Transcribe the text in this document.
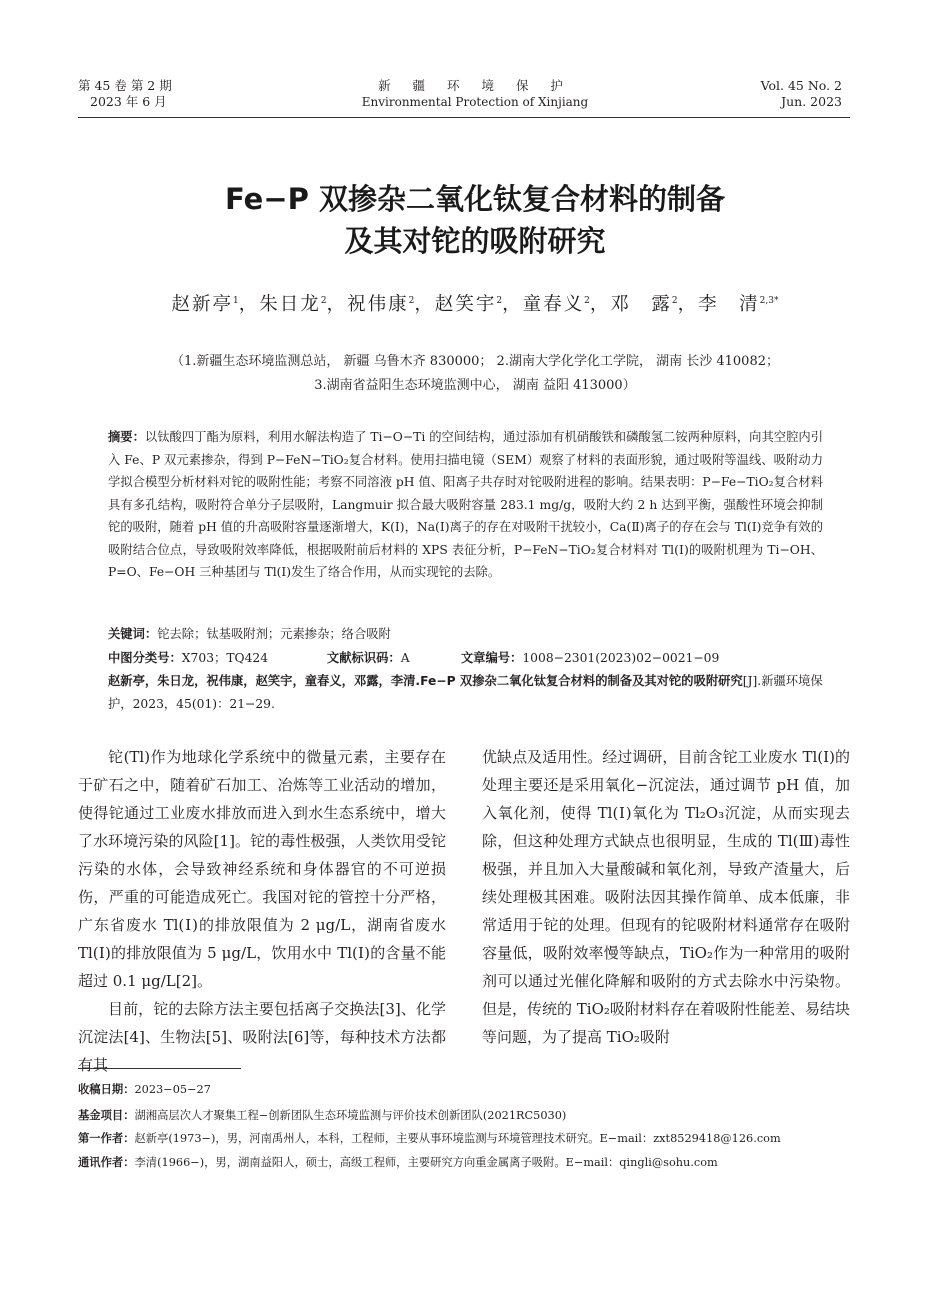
第 45 卷 第 2 期
2023 年 6 月
新 疆 环 境 保 护
Environmental Protection of Xinjiang
Vol. 45 No. 2
Jun. 2023
Fe−P 双掺杂二氧化钛复合材料的制备
及其对铊的吸附研究
赵新亭$^1$，朱日龙$^2$，祝伟康$^2$，赵笑宇$^2$，童春义$^2$，邓　露$^2$，李　清$^{2,3*}$
（1.新疆生态环境监测总站， 新疆 乌鲁木齐 830000； 2.湖南大学化学化工学院， 湖南 长沙 410082；
3.湖南省益阳生态环境监测中心， 湖南 益阳 413000）
摘要：以钛酸四丁酯为原料，利用水解法构造了 Ti−O−Ti 的空间结构，通过添加有机硝酸铁和磷酸氢二铵两种原料，向其空腔内引入 Fe、P 双元素掺杂，得到 P−FeN−TiO₂复合材料。使用扫描电镜（SEM）观察了材料的表面形貌，通过吸附等温线、吸附动力学拟合模型分析材料对铊的吸附性能；考察不同溶液 pH 值、阳离子共存时对铊吸附进程的影响。结果表明：P−Fe−TiO₂复合材料具有多孔结构，吸附符合单分子层吸附，Langmuir 拟合最大吸附容量 283.1 mg/g，吸附大约 2 h 达到平衡，强酸性环境会抑制铊的吸附，随着 pH 值的升高吸附容量逐渐增大，K(Ⅰ)，Na(Ⅰ)离子的存在对吸附干扰较小，Ca(Ⅱ)离子的存在会与 Tl(Ⅰ)竞争有效的吸附结合位点，导致吸附效率降低，根据吸附前后材料的 XPS 表征分析，P−FeN−TiO₂复合材料对 Tl(Ⅰ)的吸附机理为 Ti−OH、P=O、Fe−OH 三种基团与 Tl(Ⅰ)发生了络合作用，从而实现铊的去除。
关键词：铊去除；钛基吸附剂；元素掺杂；络合吸附
中图分类号：X703；TQ424	文献标识码：A	文章编号：1008−2301(2023)02−0021−09
赵新亭，朱日龙，祝伟康，赵笑宇，童春义，邓露，李清.Fe−P 双掺杂二氧化钛复合材料的制备及其对铊的吸附研究[J].新疆环境保护，2023，45(01)：21−29.

铊(Tl)作为地球化学系统中的微量元素，主要存在于矿石之中，随着矿石加工、冶炼等工业活动的增加，使得铊通过工业废水排放而进入到水生态系统中，增大了水环境污染的风险[1]。铊的毒性极强，人类饮用受铊污染的水体，会导致神经系统和身体器官的不可逆损伤，严重的可能造成死亡。我国对铊的管控十分严格，广东省废水 Tl(Ⅰ)的排放限值为 2 μg/L，湖南省废水 Tl(Ⅰ)的排放限值为 5 μg/L，饮用水中 Tl(Ⅰ)的含量不能超过 0.1 μg/L[2]。

目前，铊的去除方法主要包括离子交换法[3]、化学沉淀法[4]、生物法[5]、吸附法[6]等，每种技术方法都有其

优缺点及适用性。经过调研，目前含铊工业废水 Tl(Ⅰ)的处理主要还是采用氧化−沉淀法，通过调节 pH 值，加入氧化剂，使得 Tl(Ⅰ)氧化为 Tl₂O₃沉淀，从而实现去除，但这种处理方式缺点也很明显，生成的 Tl(Ⅲ)毒性极强，并且加入大量酸碱和氧化剂，导致产渣量大，后续处理极其困难。吸附法因其操作简单、成本低廉，非常适用于铊的处理。但现有的铊吸附材料通常存在吸附容量低，吸附效率慢等缺点，TiO₂作为一种常用的吸附剂可以通过光催化降解和吸附的方式去除水中污染物。但是，传统的 TiO₂吸附材料存在着吸附性能差、易结块等问题，为了提高 TiO₂吸附

收稿日期：2023−05−27
基金项目：湖湘高层次人才聚集工程−创新团队生态环境监测与评价技术创新团队(2021RC5030)
第一作者：赵新亭(1973−)，男，河南禹州人，本科，工程师，主要从事环境监测与环境管理技术研究。E−mail：zxt8529418@126.com
通讯作者：李清(1966−)，男，湖南益阳人，硕士，高级工程师，主要研究方向重金属离子吸附。E−mail：qingli@sohu.com
